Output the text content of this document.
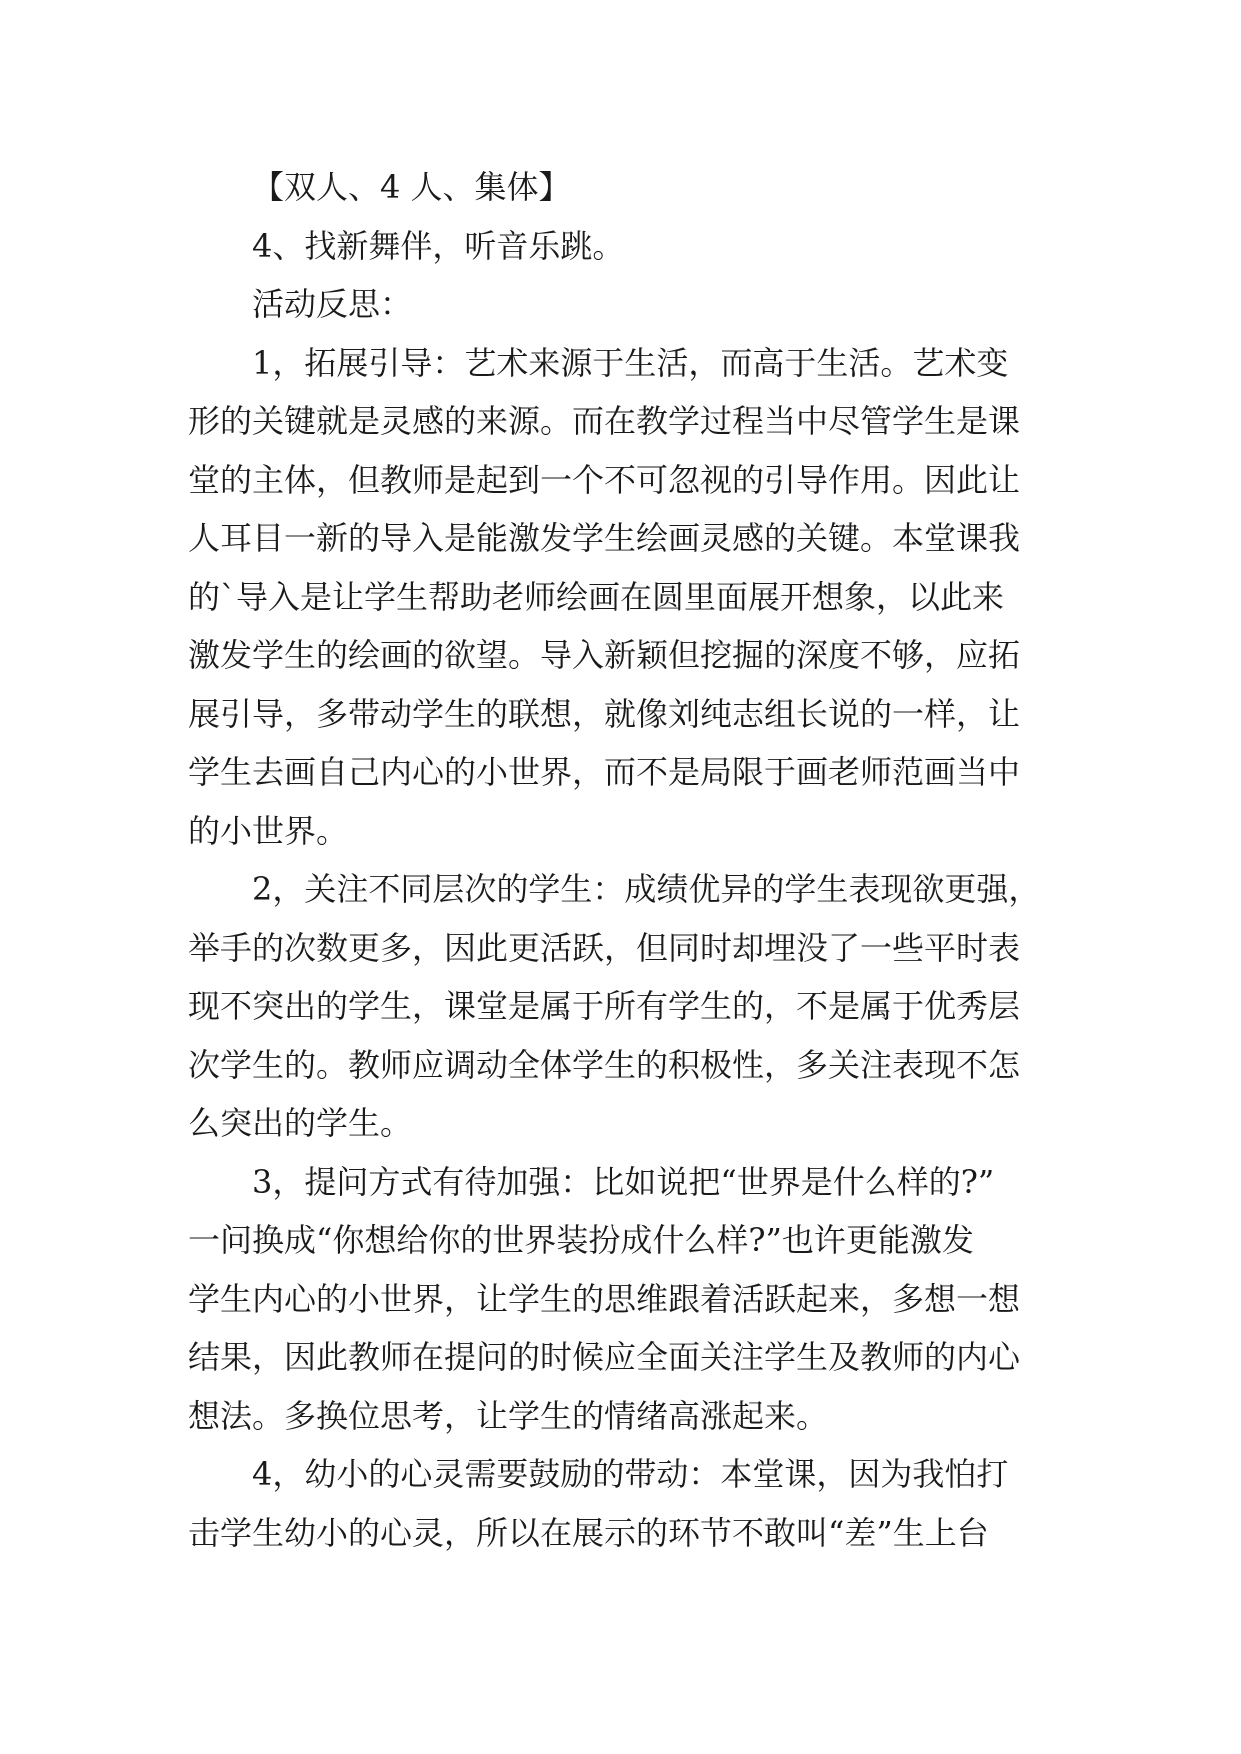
【双人、4 人、集体】
4、找新舞伴，听音乐跳。
活动反思：
1，拓展引导：艺术来源于生活，而高于生活。艺术变
形的关键就是灵感的来源。而在教学过程当中尽管学生是课
堂的主体，但教师是起到一个不可忽视的引导作用。因此让
人耳目一新的导入是能激发学生绘画灵感的关键。本堂课我
的`导入是让学生帮助老师绘画在圆里面展开想象，以此来
激发学生的绘画的欲望。导入新颖但挖掘的深度不够，应拓
展引导，多带动学生的联想，就像刘纯志组长说的一样，让
学生去画自己内心的小世界，而不是局限于画老师范画当中
的小世界。
2，关注不同层次的学生：成绩优异的学生表现欲更强，
举手的次数更多，因此更活跃，但同时却埋没了一些平时表
现不突出的学生，课堂是属于所有学生的，不是属于优秀层
次学生的。教师应调动全体学生的积极性，多关注表现不怎
么突出的学生。
3，提问方式有待加强：比如说把“世界是什么样的?”
一问换成“你想给你的世界装扮成什么样?”也许更能激发
学生内心的小世界，让学生的思维跟着活跃起来，多想一想
结果，因此教师在提问的时候应全面关注学生及教师的内心
想法。多换位思考，让学生的情绪高涨起来。
4，幼小的心灵需要鼓励的带动：本堂课，因为我怕打
击学生幼小的心灵，所以在展示的环节不敢叫“差”生上台
